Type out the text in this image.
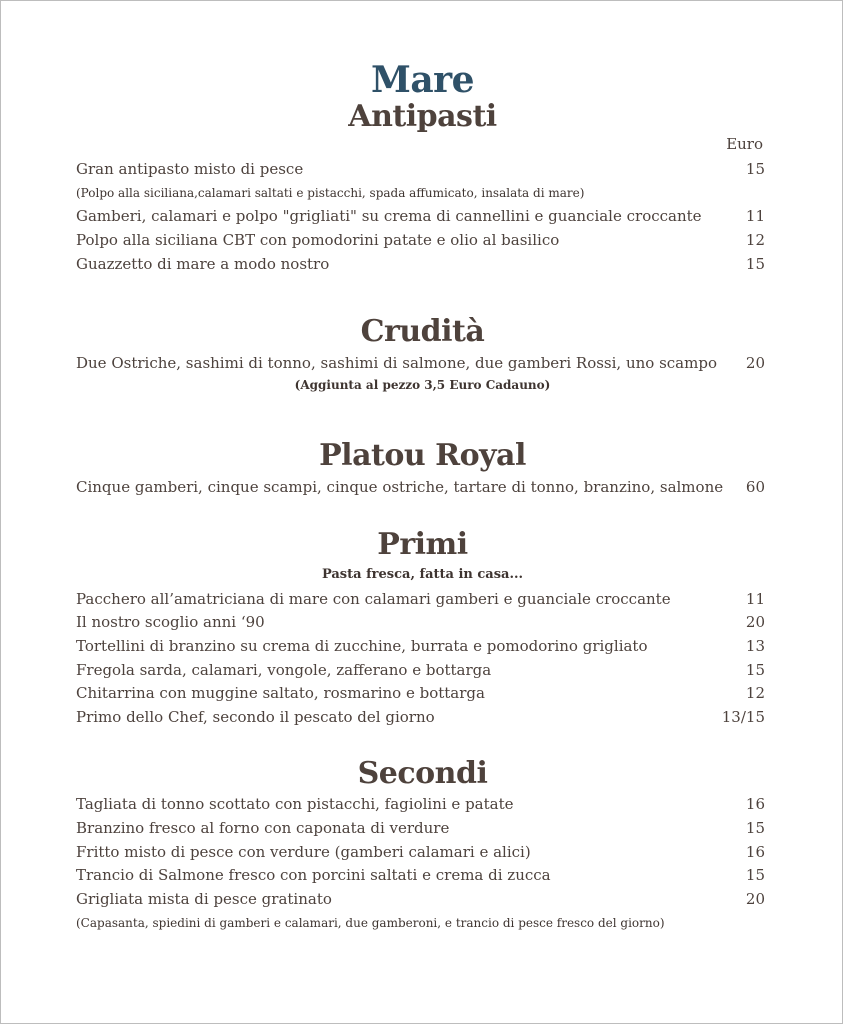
Mare
Antipasti
Euro
Gran antipasto misto di pesce	15
(Polpo alla siciliana,calamari saltati e pistacchi, spada affumicato, insalata di mare)
Gamberi, calamari e polpo "grigliati" su crema di cannellini e guanciale croccante	11
Polpo alla siciliana CBT con pomodorini patate e olio al basilico	12
Guazzetto di mare a modo nostro	15
Crudità
Due Ostriche, sashimi di tonno, sashimi di salmone, due gamberi Rossi, uno scampo 20
(Aggiunta al pezzo 3,5 Euro Cadauno)
Platou Royal
Cinque gamberi, cinque scampi, cinque ostriche, tartare di tonno, branzino, salmone 60
Primi
Pasta fresca, fatta in casa...
Pacchero all’amatriciana di mare con calamari gamberi e guanciale croccante	11
Il nostro scoglio anni ‘90	20
Tortellini di branzino su crema di zucchine, burrata e pomodorino grigliato	13
Fregola sarda, calamari, vongole, zafferano e bottarga	15
Chitarrina con muggine saltato, rosmarino e bottarga	12
Primo dello Chef, secondo il pescato del giorno	13/15
Secondi
Tagliata di tonno scottato con pistacchi, fagiolini e patate	16
Branzino fresco al forno con caponata di verdure	15
Fritto misto di pesce con verdure (gamberi calamari e alici)	16
Trancio di Salmone fresco con porcini saltati e crema di zucca	15
Grigliata mista di pesce gratinato	20
(Capasanta, spiedini di gamberi e calamari, due gamberoni, e trancio di pesce fresco del giorno)
